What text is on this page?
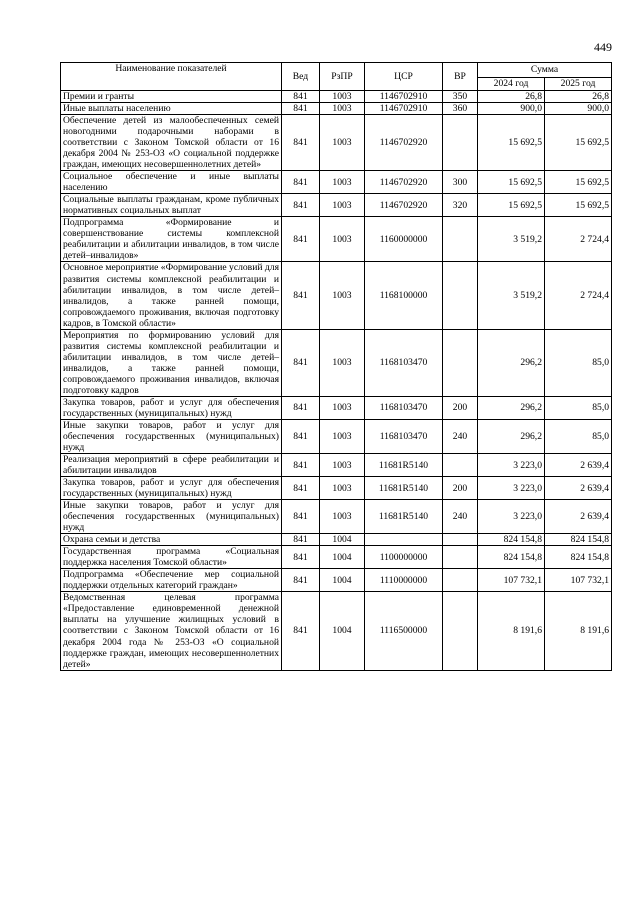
449
Наименование показателей	Вед	РзПР	ЦСР	ВР	Сумма	
					2024 год	2025 год
Премии и гранты	841	1003	1146702910	350	26,8	26,8
Иные выплаты населению	841	1003	1146702910	360	900,0	900,0
Обеспечение детей из малообеспеченных семей новогодними подарочными наборами в соответствии с Законом Томской области от 16 декабря 2004 № 253-ОЗ «О социальной поддержке граждан, имеющих несовершеннолетних детей»	841	1003	1146702920		15 692,5	15 692,5
Социальное обеспечение и иные выплаты населению	841	1003	1146702920	300	15 692,5	15 692,5
Социальные выплаты гражданам, кроме публичных нормативных социальных выплат	841	1003	1146702920	320	15 692,5	15 692,5
Подпрограмма «Формирование и совершенствование системы комплексной реабилитации и абилитации инвалидов, в том числе детей–инвалидов»	841	1003	1160000000		3 519,2	2 724,4
Основное мероприятие «Формирование условий для развития системы комплексной реабилитации и абилитации инвалидов, в том числе детей–инвалидов, а также ранней помощи, сопровождаемого проживания, включая подготовку кадров, в Томской области»	841	1003	1168100000		3 519,2	2 724,4
Мероприятия по формированию условий для развития системы комплексной реабилитации и абилитации инвалидов, в том числе детей–инвалидов, а также ранней помощи, сопровождаемого проживания инвалидов, включая подготовку кадров	841	1003	1168103470		296,2	85,0
Закупка товаров, работ и услуг для обеспечения государственных (муниципальных) нужд	841	1003	1168103470	200	296,2	85,0
Иные закупки товаров, работ и услуг для обеспечения государственных (муниципальных) нужд	841	1003	1168103470	240	296,2	85,0
Реализация мероприятий в сфере реабилитации и абилитации инвалидов	841	1003	11681R5140		3 223,0	2 639,4
Закупка товаров, работ и услуг для обеспечения государственных (муниципальных) нужд	841	1003	11681R5140	200	3 223,0	2 639,4
Иные закупки товаров, работ и услуг для обеспечения государственных (муниципальных) нужд	841	1003	11681R5140	240	3 223,0	2 639,4
Охрана семьи и детства	841	1004			824 154,8	824 154,8
Государственная программа «Социальная поддержка населения Томской области»	841	1004	1100000000		824 154,8	824 154,8
Подпрограмма «Обеспечение мер социальной поддержки отдельных категорий граждан»	841	1004	1110000000		107 732,1	107 732,1
Ведомственная целевая программа «Предоставление единовременной денежной выплаты на улучшение жилищных условий в соответствии с Законом Томской области от 16 декабря 2004 года № 253-ОЗ «О социальной поддержке граждан, имеющих несовершеннолетних детей»	841	1004	1116500000		8 191,6	8 191,6
